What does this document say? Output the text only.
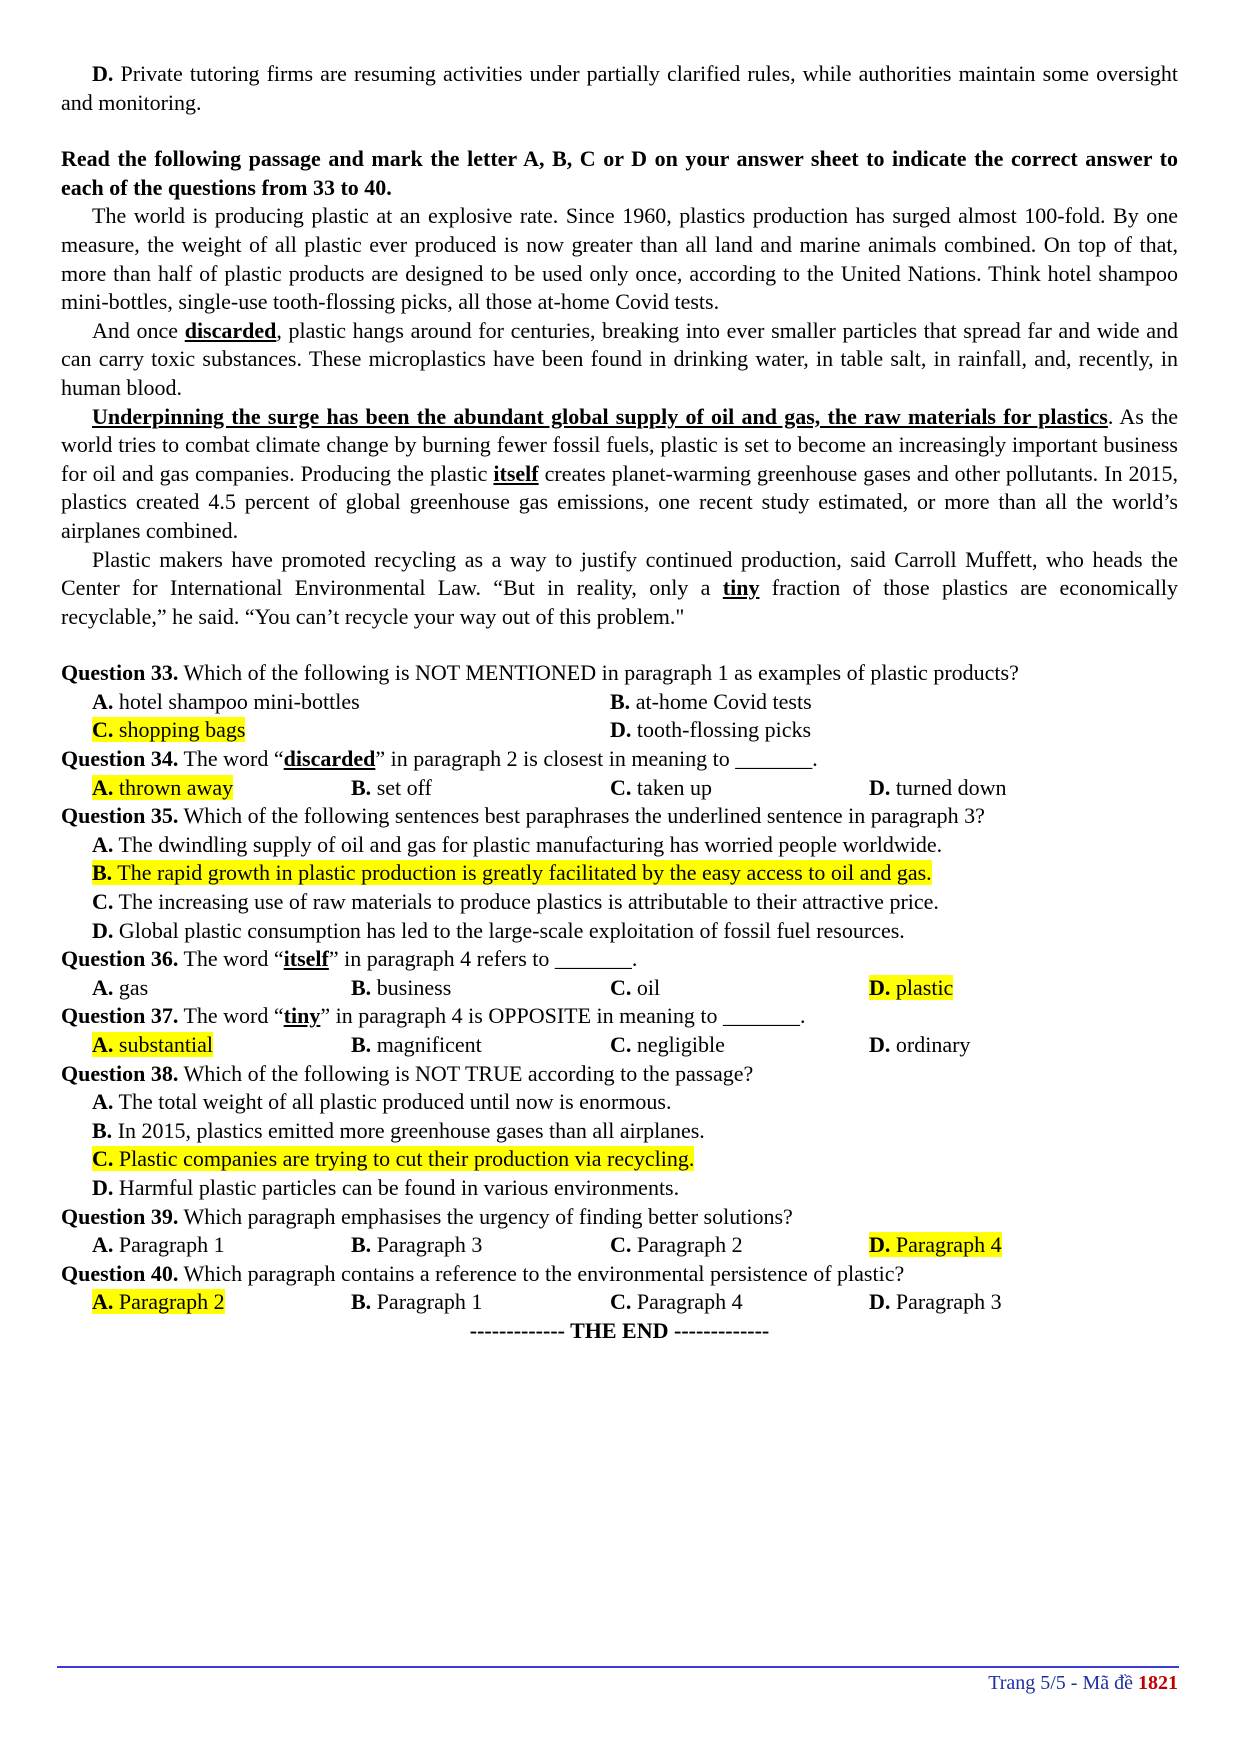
D. Private tutoring firms are resuming activities under partially clarified rules, while authorities maintain some oversight and monitoring.

Read the following passage and mark the letter A, B, C or D on your answer sheet to indicate the correct answer to each of the questions from 33 to 40.

The world is producing plastic at an explosive rate. Since 1960, plastics production has surged almost 100-fold. By one measure, the weight of all plastic ever produced is now greater than all land and marine animals combined. On top of that, more than half of plastic products are designed to be used only once, according to the United Nations. Think hotel shampoo mini-bottles, single-use tooth-flossing picks, all those at-home Covid tests.

And once discarded, plastic hangs around for centuries, breaking into ever smaller particles that spread far and wide and can carry toxic substances. These microplastics have been found in drinking water, in table salt, in rainfall, and, recently, in human blood.

Underpinning the surge has been the abundant global supply of oil and gas, the raw materials for plastics. As the world tries to combat climate change by burning fewer fossil fuels, plastic is set to become an increasingly important business for oil and gas companies. Producing the plastic itself creates planet-warming greenhouse gases and other pollutants. In 2015, plastics created 4.5 percent of global greenhouse gas emissions, one recent study estimated, or more than all the world’s airplanes combined.

Plastic makers have promoted recycling as a way to justify continued production, said Carroll Muffett, who heads the Center for International Environmental Law. “But in reality, only a tiny fraction of those plastics are economically recyclable,” he said. “You can’t recycle your way out of this problem."

Question 33. Which of the following is NOT MENTIONED in paragraph 1 as examples of plastic products?

A. hotel shampoo mini-bottles	B. at-home Covid tests
C. shopping bags	D. tooth-flossing picks

Question 34. The word “discarded” in paragraph 2 is closest in meaning to _______.

A. thrown away	B. set off	C. taken up	D. turned down

Question 35. Which of the following sentences best paraphrases the underlined sentence in paragraph 3?

A. The dwindling supply of oil and gas for plastic manufacturing has worried people worldwide.

B. The rapid growth in plastic production is greatly facilitated by the easy access to oil and gas.

C. The increasing use of raw materials to produce plastics is attributable to their attractive price.

D. Global plastic consumption has led to the large-scale exploitation of fossil fuel resources.

Question 36. The word “itself” in paragraph 4 refers to _______.

A. gas	B. business	C. oil	D. plastic

Question 37. The word “tiny” in paragraph 4 is OPPOSITE in meaning to _______.

A. substantial	B. magnificent	C. negligible	D. ordinary

Question 38. Which of the following is NOT TRUE according to the passage?

A. The total weight of all plastic produced until now is enormous.

B. In 2015, plastics emitted more greenhouse gases than all airplanes.

C. Plastic companies are trying to cut their production via recycling.

D. Harmful plastic particles can be found in various environments.

Question 39. Which paragraph emphasises the urgency of finding better solutions?

A. Paragraph 1	B. Paragraph 3	C. Paragraph 2	D. Paragraph 4

Question 40. Which paragraph contains a reference to the environmental persistence of plastic?

A. Paragraph 2	B. Paragraph 1	C. Paragraph 4	D. Paragraph 3

------------- THE END -------------

Trang 5/5 - Mã đề 1821
